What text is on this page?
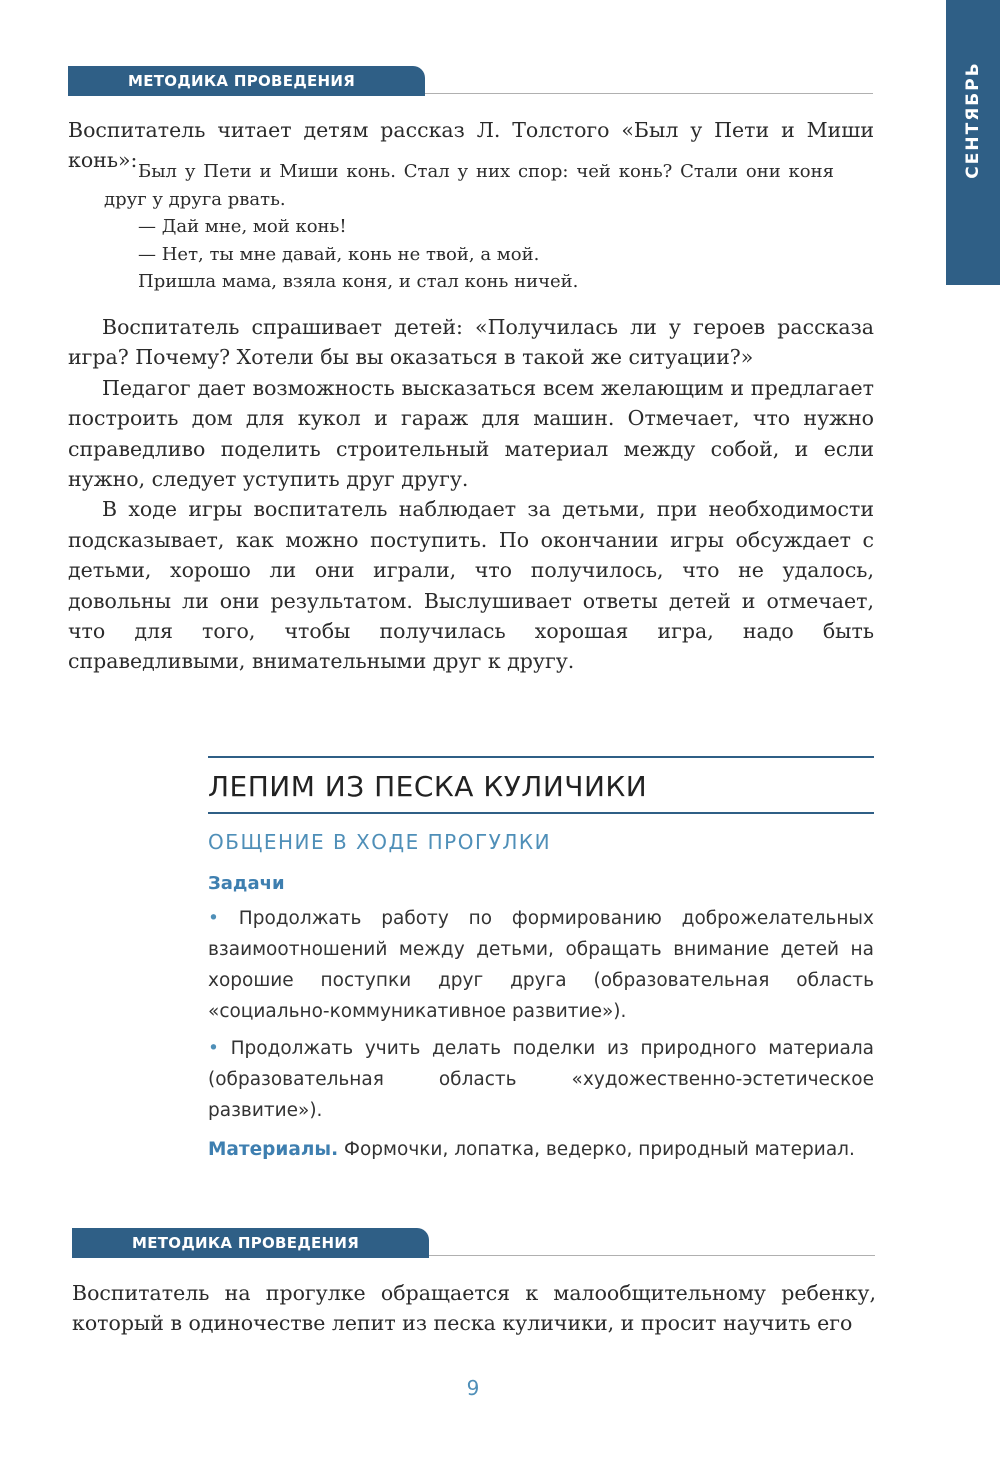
СЕНТЯБРЬ
МЕТОДИКА ПРОВЕДЕНИЯ

Воспитатель читает детям рассказ Л. Толстого «Был у Пети и Миши конь»: Был у Пети и Миши конь. Стал у них спор: чей конь? Стали они коня друг у друга рвать.

— Дай мне, мой конь!

— Нет, ты мне давай, конь не твой, а мой.

Пришла мама, взяла коня, и стал конь ничей.

Воспитатель спрашивает детей: «Получилась ли у героев рассказа игра? Почему? Хотели бы вы оказаться в такой же ситуации?»

Педагог дает возможность высказаться всем желающим и предлагает построить дом для кукол и гараж для машин. Отмечает, что нужно справедливо поделить строительный материал между собой, и если нужно, следует уступить друг другу.

В ходе игры воспитатель наблюдает за детьми, при необходимости подсказывает, как можно поступить. По окончании игры обсуждает с детьми, хорошо ли они играли, что получилось, что не удалось, довольны ли они результатом. Выслушивает ответы детей и отмечает, что для того, чтобы получилась хорошая игра, надо быть справедливыми, внимательными друг к другу.

ЛЕПИМ ИЗ ПЕСКА КУЛИЧИКИ
ОБЩЕНИЕ В ХОДЕ ПРОГУЛКИ
Задачи

• Продолжать работу по формированию доброжелательных взаимоотношений между детьми, обращать внимание детей на хорошие поступки друг друга (образовательная область «социально-коммуникативное развитие»).

• Продолжать учить делать поделки из природного материала (образовательная область «художественно-эстетическое развитие»).

Материалы. Формочки, лопатка, ведерко, природный материал.

МЕТОДИКА ПРОВЕДЕНИЯ

Воспитатель на прогулке обращается к малообщительному ребенку, который в одиночестве лепит из песка куличики, и просит научить его

9
